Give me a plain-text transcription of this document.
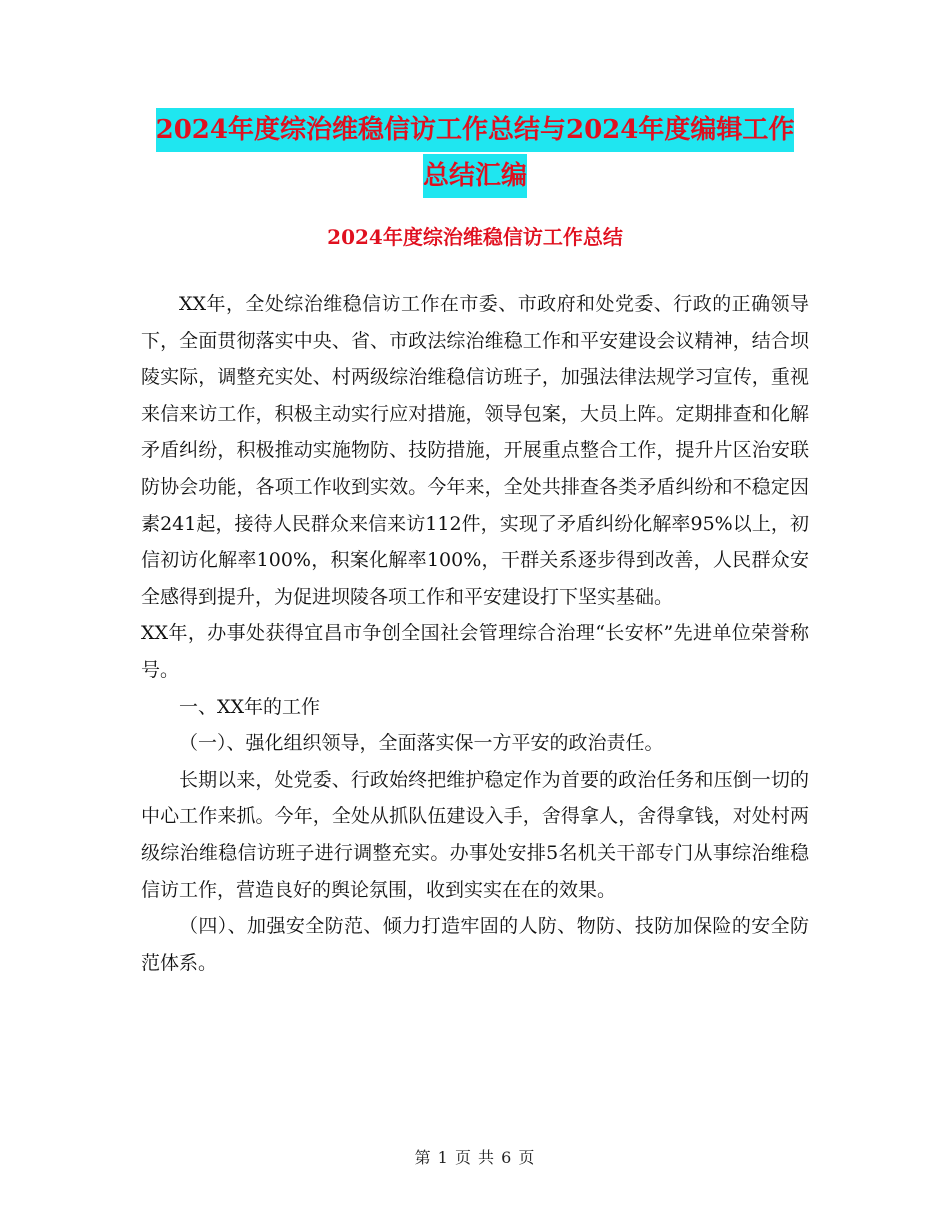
2024年度综治维稳信访工作总结与2024年度编辑工作
总结汇编
2024年度综治维稳信访工作总结

XX年，全处综治维稳信访工作在市委、市政府和处党委、行政的正确领导下，全面贯彻落实中央、省、市政法综治维稳工作和平安建设会议精神，结合坝陵实际，调整充实处、村两级综治维稳信访班子，加强法律法规学习宣传，重视来信来访工作，积极主动实行应对措施，领导包案，大员上阵。定期排查和化解矛盾纠纷，积极推动实施物防、技防措施，开展重点整合工作，提升片区治安联防协会功能，各项工作收到实效。今年来，全处共排查各类矛盾纠纷和不稳定因素241起，接待人民群众来信来访112件，实现了矛盾纠纷化解率95%以上，初信初访化解率100%，积案化解率100%，干群关系逐步得到改善，人民群众安全感得到提升，为促进坝陵各项工作和平安建设打下坚实基础。

XX年，办事处获得宜昌市争创全国社会管理综合治理“长安杯”先进单位荣誉称号。

一、XX年的工作

（一）、强化组织领导，全面落实保一方平安的政治责任。

长期以来，处党委、行政始终把维护稳定作为首要的政治任务和压倒一切的中心工作来抓。今年，全处从抓队伍建设入手，舍得拿人，舍得拿钱，对处村两级综治维稳信访班子进行调整充实。办事处安排5名机关干部专门从事综治维稳信访工作，营造良好的舆论氛围，收到实实在在的效果。

（四）、加强安全防范、倾力打造牢固的人防、物防、技防加保险的安全防范体系。

第 1 页 共 6 页
